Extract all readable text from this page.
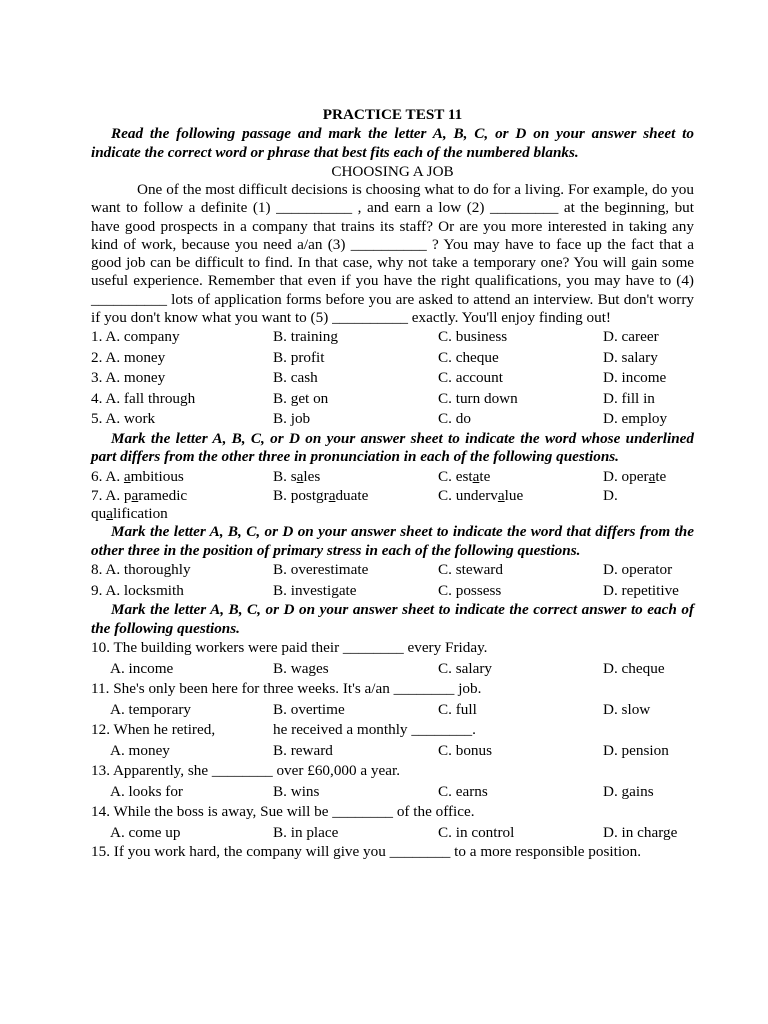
PRACTICE TEST 11

Read the following passage and mark the letter A, B, C, or D on your answer sheet to indicate the correct word or phrase that best fits each of the numbered blanks.

CHOOSING A JOB

One of the most difficult decisions is choosing what to do for a living. For example, do you want to follow a definite (1) __________ , and earn a low (2) _________ at the beginning, but have good prospects in a company that trains its staff? Or are you more interested in taking any kind of work, because you need a/an (3) __________ ? You may have to face up the fact that a good job can be difficult to find. In that case, why not take a temporary one? You will gain some useful experience. Remember that even if you have the right qualifications, you may have to (4) __________ lots of application forms before you are asked to attend an interview. But don't worry if you don't know what you want to (5) __________ exactly. You'll enjoy finding out!

1. A. company	B. training	C. business	D. career
2. A. money	B. profit	C. cheque	D. salary
3. A. money	B. cash	C. account	D. income
4. A. fall through	B. get on	C. turn down	D. fill in
5. A. work	B. job	C. do	D. employ

Mark the letter A, B, C, or D on your answer sheet to indicate the word whose underlined part differs from the other three in pronunciation in each of the following questions.

6. A. ambitious	B. sales	C. estate	D. operate
7. A. paramedic	B. postgraduate	C. undervalue	D.
qualification

Mark the letter A, B, C, or D on your answer sheet to indicate the word that differs from the other three in the position of primary stress in each of the following questions.

8. A. thoroughly	B. overestimate	C. steward	D. operator
9. A. locksmith	B. investigate	C. possess	D. repetitive

Mark the letter A, B, C, or D on your answer sheet to indicate the correct answer to each of the following questions.

10. The building workers were paid their ________ every Friday.
A. income	B. wages	C. salary	D. cheque
11. She's only been here for three weeks. It's a/an ________ job.
A. temporary	B. overtime	C. full	D. slow
12. When he retired,	he received a monthly ________.
A. money	B. reward	C. bonus	D. pension
13. Apparently, she ________ over £60,000 a year.
A. looks for	B. wins	C. earns	D. gains
14. While the boss is away, Sue will be ________ of the office.
A. come up	B. in place	C. in control	D. in charge

15. If you work hard, the company will give you ________ to a more responsible position.
